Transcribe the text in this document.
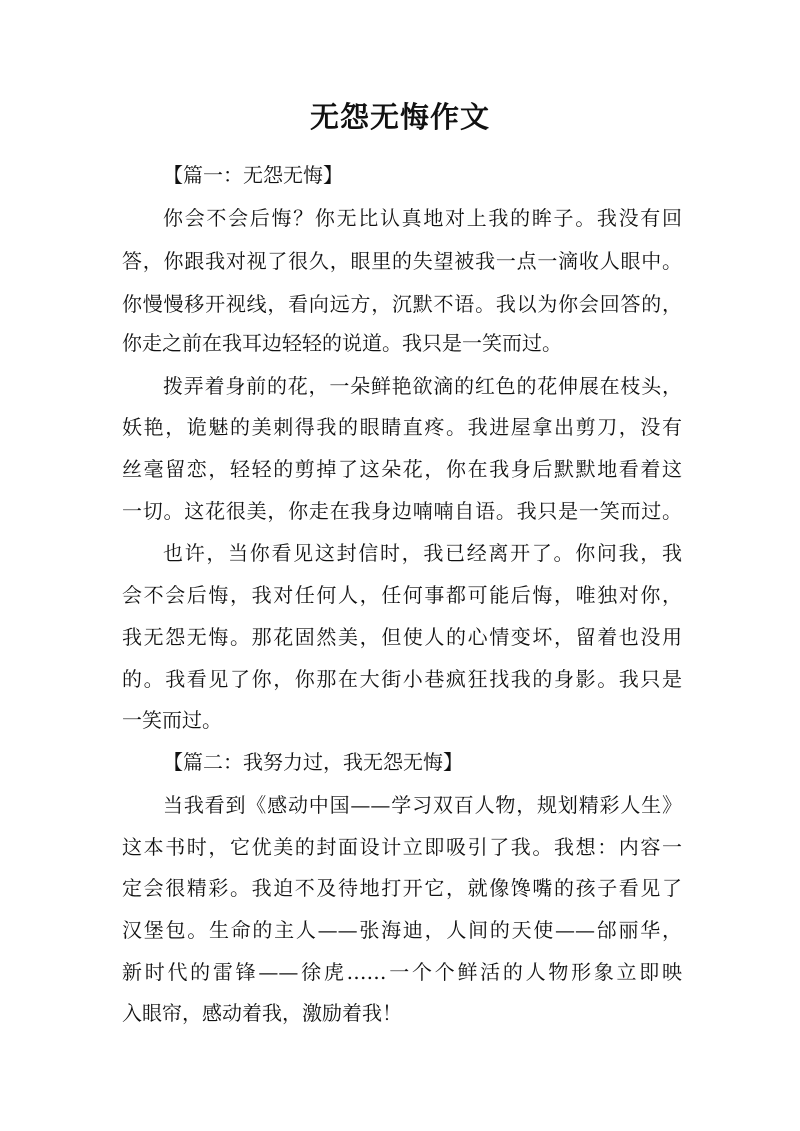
无怨无悔作文
【篇一：无怨无悔】
你会不会后悔？你无比认真地对上我的眸子。我没有回
答，你跟我对视了很久，眼里的失望被我一点一滴收人眼中。
你慢慢移开视线，看向远方，沉默不语。我以为你会回答的，
你走之前在我耳边轻轻的说道。我只是一笑而过。
拨弄着身前的花，一朵鲜艳欲滴的红色的花伸展在枝头，
妖艳，诡魅的美刺得我的眼睛直疼。我进屋拿出剪刀，没有
丝毫留恋，轻轻的剪掉了这朵花，你在我身后默默地看着这
一切。这花很美，你走在我身边喃喃自语。我只是一笑而过。
也许，当你看见这封信时，我已经离开了。你问我，我
会不会后悔，我对任何人，任何事都可能后悔，唯独对你，
我无怨无悔。那花固然美，但使人的心情变坏，留着也没用
的。我看见了你，你那在大街小巷疯狂找我的身影。我只是
一笑而过。
【篇二：我努力过，我无怨无悔】
当我看到《感动中国——学习双百人物，规划精彩人生》
这本书时，它优美的封面设计立即吸引了我。我想：内容一
定会很精彩。我迫不及待地打开它，就像馋嘴的孩子看见了
汉堡包。生命的主人——张海迪，人间的天使——邰丽华，
新时代的雷锋——徐虎……一个个鲜活的人物形象立即映
入眼帘，感动着我，激励着我！
